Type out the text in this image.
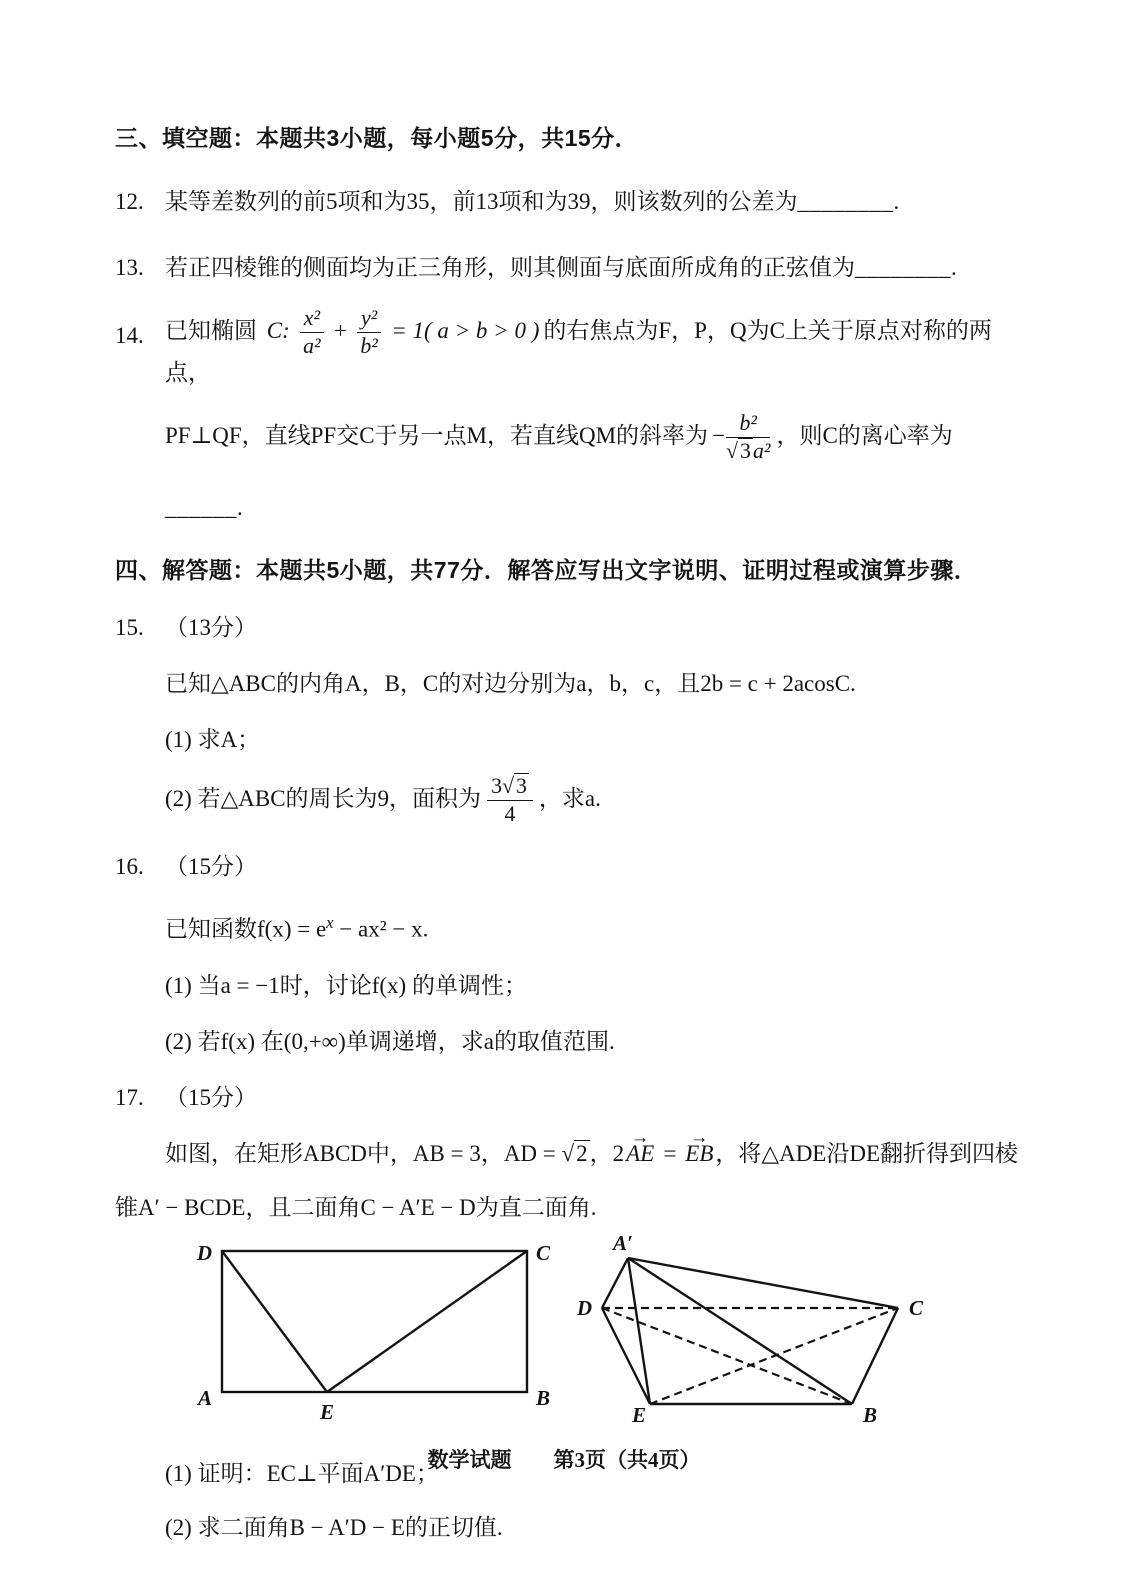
三、填空题：本题共3小题，每小题5分，共15分．
12. 某等差数列的前5项和为35，前13项和为39，则该数列的公差为________.
13. 若正四棱锥的侧面均为正三角形，则其侧面与底面所成角的正弦值为________.
14. 已知椭圆 C: $\frac{\text{x²}}{\text{a²}} + \frac{\text{y²}}{\text{b²}} = 1$( a > b > 0 ) 的右焦点为F，P，Q为C上关于原点对称的两点，
PF⊥QF，直线PF交C于另一点M，若直线QM的斜率为 − $\frac{\text{b²}}{\text{√3a²}}$ ，则C的离心率为
______.
四、解答题：本题共5小题，共77分．解答应写出文字说明、证明过程或演算步骤．
15. （13分）
已知△ABC的内角A，B，C的对边分别为a，b，c，且2b = c + 2acosC.
(1) 求A；
(2) 若△ABC的周长为9，面积为 $\frac{3√3}{4}$ ，求a.
16. （15分）
已知函数$f(x) = e^x - ax^2 - x$.
(1) 当a = −1时，讨论f(x) 的单调性；
(2) 若f(x) 在(0,+∞)单调递增，求a的取值范围.
17. （15分）
如图，在矩形ABCD中，AB = 3，AD = √2，2
→
AE =
→
EB，将△ADE沿DE翻折得到四棱
锥A′ − BCDE，且二面角C − A′E − D为直二面角.
D	C
A	B
E
A′
D	C
E	B
(1) 证明：EC⊥平面A′DE；
(2) 求二面角B − A′D − E的正切值.
数学试题　　第3页（共4页）
